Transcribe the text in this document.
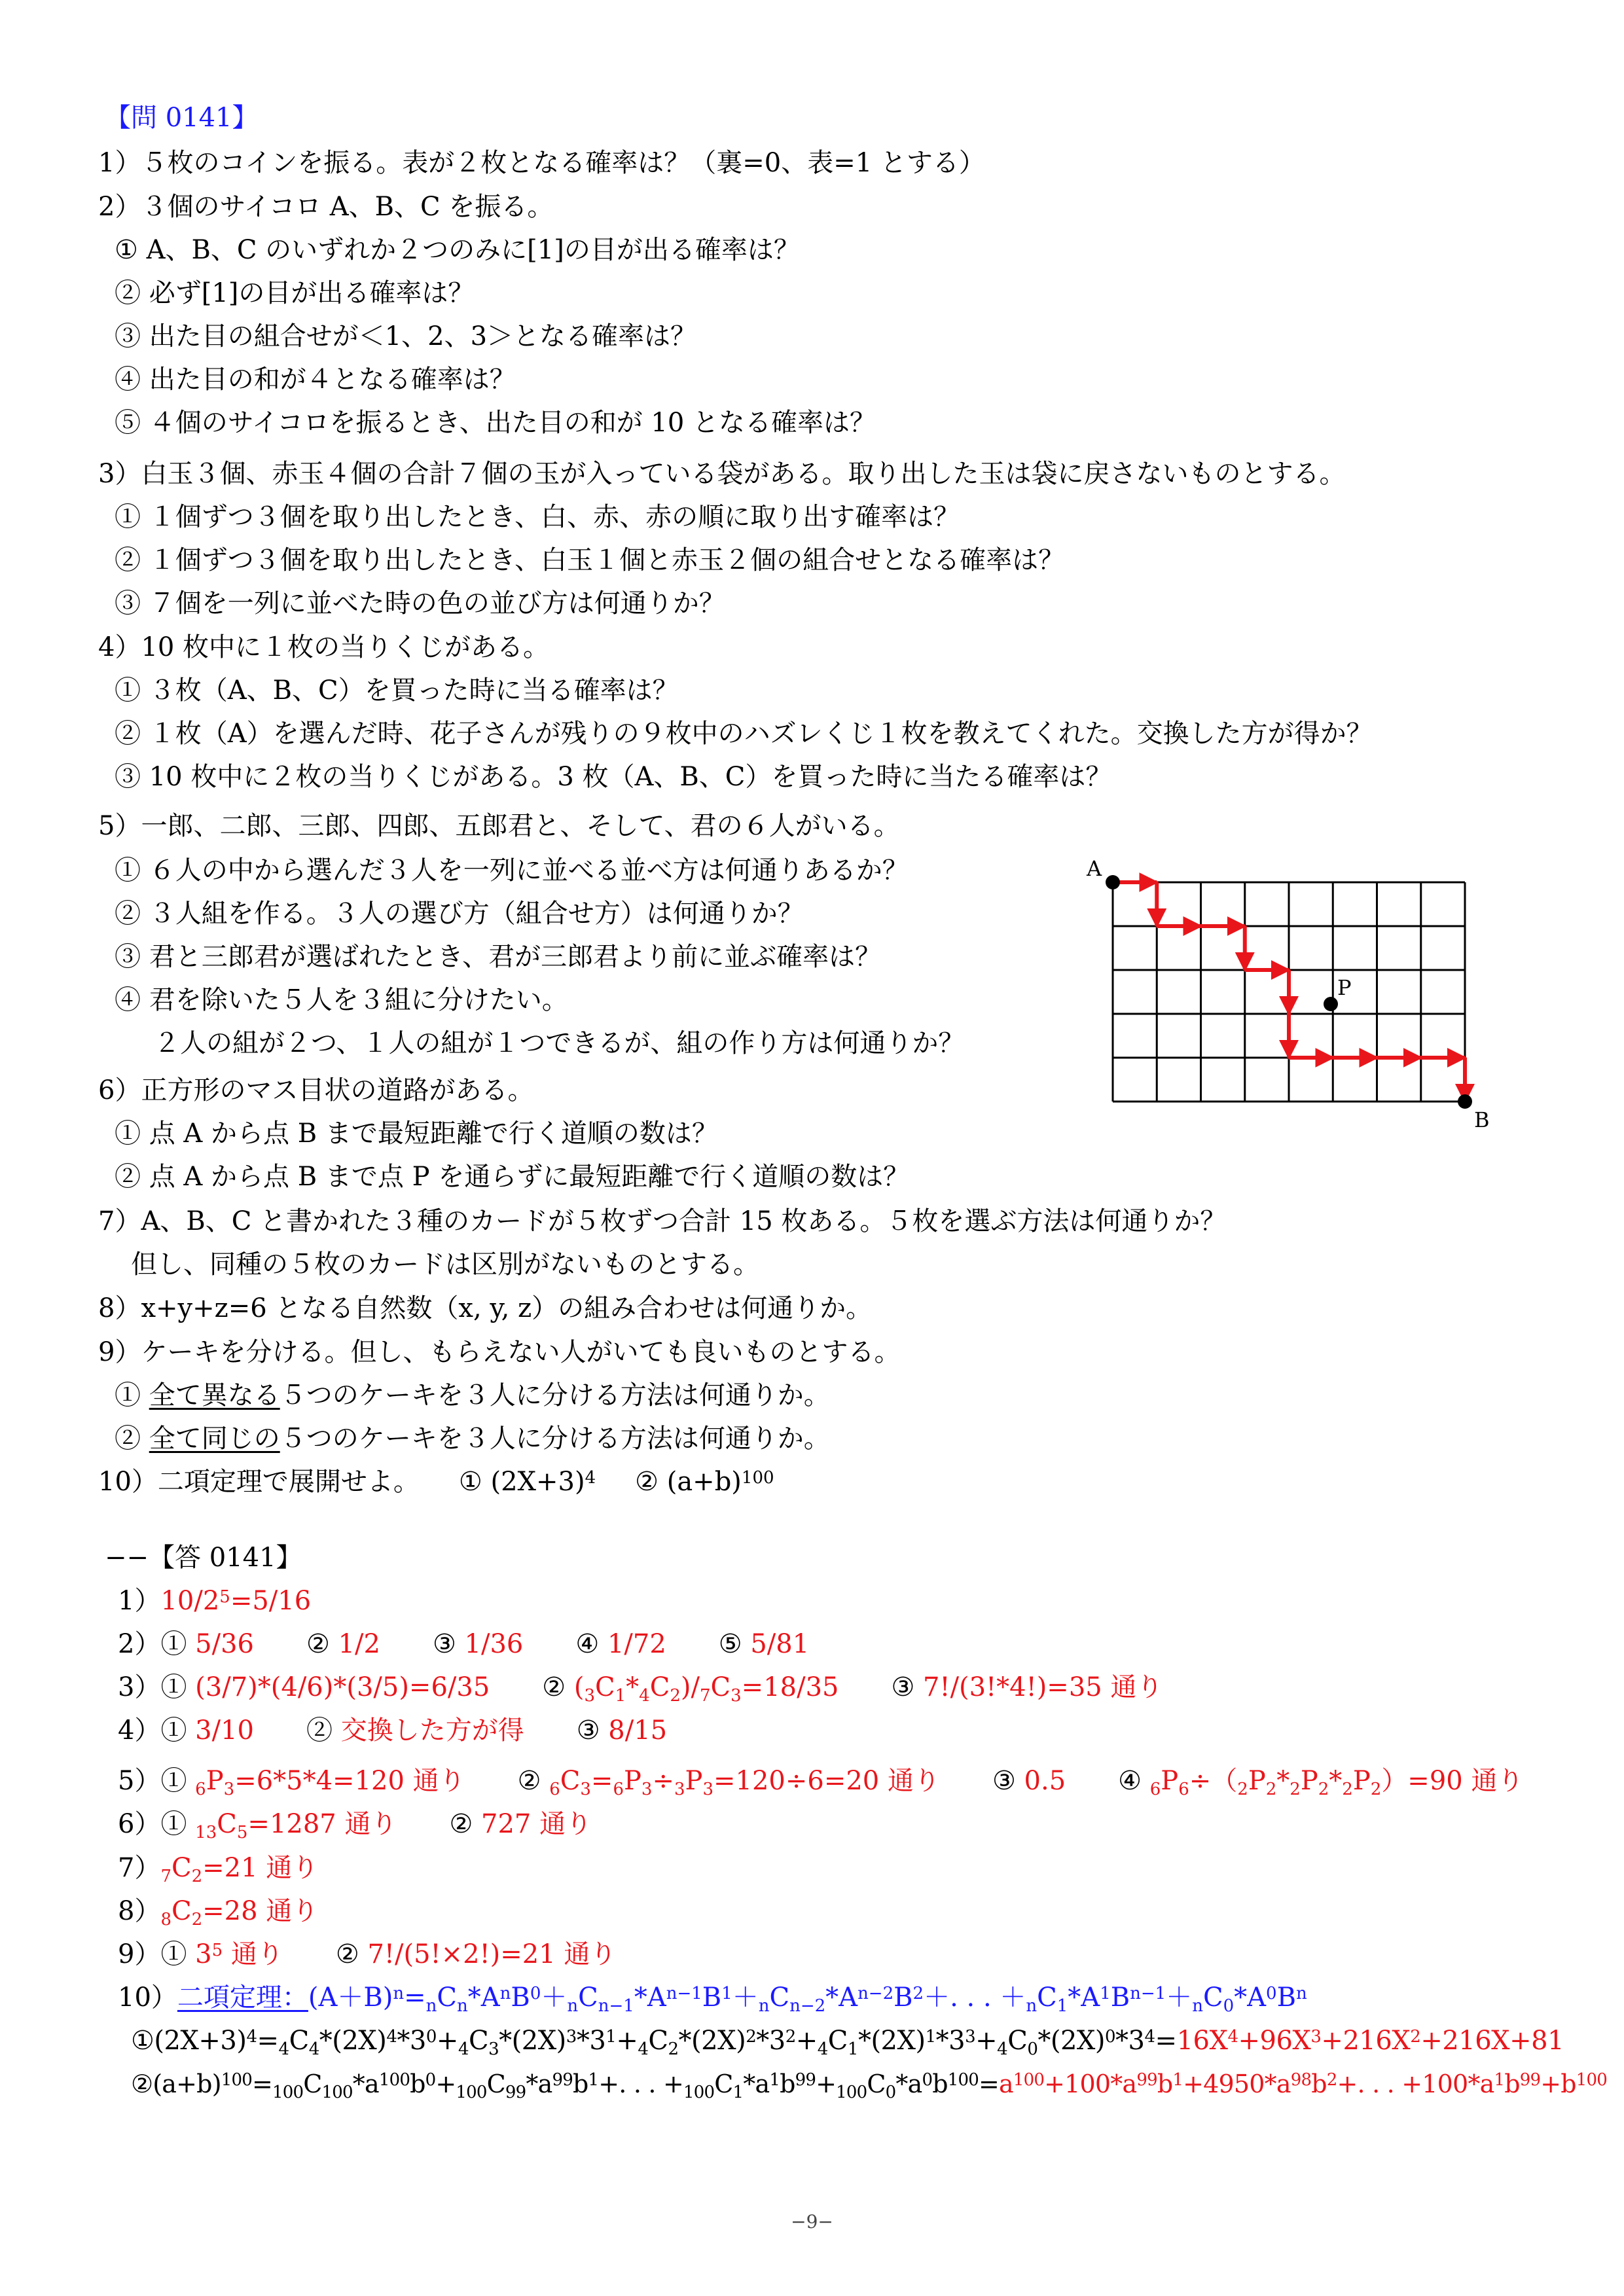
【問 0141】
1）５枚のコインを振る。表が２枚となる確率は？（裏=0、表=1 とする）
2）３個のサイコロ A、B、C を振る。
① A、B、C のいずれか２つのみに[1]の目が出る確率は？
② 必ず[1]の目が出る確率は？
③ 出た目の組合せが＜1、2、3＞となる確率は？
④ 出た目の和が４となる確率は？
⑤ ４個のサイコロを振るとき、出た目の和が 10 となる確率は？
3）白玉３個、赤玉４個の合計７個の玉が入っている袋がある。取り出した玉は袋に戻さないものとする。
① １個ずつ３個を取り出したとき、白、赤、赤の順に取り出す確率は？
② １個ずつ３個を取り出したとき、白玉１個と赤玉２個の組合せとなる確率は？
③ ７個を一列に並べた時の色の並び方は何通りか？
4）10 枚中に１枚の当りくじがある。
① ３枚（A、B、C）を買った時に当る確率は？
② １枚（A）を選んだ時、花子さんが残りの９枚中のハズレくじ１枚を教えてくれた。交換した方が得か？
③ 10 枚中に２枚の当りくじがある。3 枚（A、B、C）を買った時に当たる確率は？
5）一郎、二郎、三郎、四郎、五郎君と、そして、君の６人がいる。
① ６人の中から選んだ３人を一列に並べる並べ方は何通りあるか？
② ３人組を作る。３人の選び方（組合せ方）は何通りか？
③ 君と三郎君が選ばれたとき、君が三郎君より前に並ぶ確率は？
④ 君を除いた５人を３組に分けたい。
２人の組が２つ、１人の組が１つできるが、組の作り方は何通りか？
6）正方形のマス目状の道路がある。
① 点 A から点 B まで最短距離で行く道順の数は？
② 点 A から点 B まで点 P を通らずに最短距離で行く道順の数は？
7）A、B、C と書かれた３種のカードが５枚ずつ合計 15 枚ある。５枚を選ぶ方法は何通りか？
但し、同種の５枚のカードは区別がないものとする。
8）x+y+z=6 となる自然数（x, y, z）の組み合わせは何通りか。
9）ケーキを分ける。但し、もらえない人がいても良いものとする。
① 全て異なる５つのケーキを３人に分ける方法は何通りか。
② 全て同じの５つのケーキを３人に分ける方法は何通りか。
10）二項定理で展開せよ。 ① $(2X+3)^4$ ② $(a+b)^{100}$
A
P
B
−−【答 0141】
$1)10/2^5=5/16$
2）① 5/36 ② 1/2 ③ 1/36 ④ 1/72 ⑤ 5/81
3）① (3/7)*(4/6)*(3/5)=6/35 ② $(_3C_1*_4C_2)/_7C_3=18/35$ ③ 7!/(3!*4!)=35 通り
4）① 3/10 ② 交換した方が得 ③ 8/15
5）① $_6P_3=6*5*4=120$ 通り ② $_6C_3=_6P_3\div_3P_3=120\div 6=20$ 通り ③ 0.5 ④ $_6P_6\div(_2P_2*_2P_2*_2P_2)=90$ 通り
6）① $_{13}C_5=1287$ 通り ② 727 通り
$7)_7C_2=21$ 通り
$8)_8C_2=28$ 通り
9）① $3^5$ 通り ② 7!/(5!×2!)=21 通り
10）二項定理：$(A+B)^n=_nC_n*A^nB^0+_nC_{n-1}*A^{n-1}B^1+_nC_{n-2}*A^{n-2}B^2+$. . . $+_nC_1*A^1B^{n-1}+_nC_0*A^0B^n$
$①(2X+3)^4=_4C_4*(2X)^4*3^0+_4C_3*(2X)^3*3^1+_4C_2*(2X)^2*3^2+_4C_1*(2X)^1*3^3+_4C_0*(2X)^0*3^4=16X^4+96X^3+216X^2+216X+81$
$②(a+b)^{100}=_{100}C_{100}*a^{100}b^0+_{100}C_{99}*a^{99}b^1+$. . . $+_{100}C_1*a^1b^{99}+_{100}C_0*a^0b^{100}=a^{100}+100*a^{99}b^1+4950*a^{98}b^2+$. . . $+100*a^1b^{99}+b^{100}$
−9−
